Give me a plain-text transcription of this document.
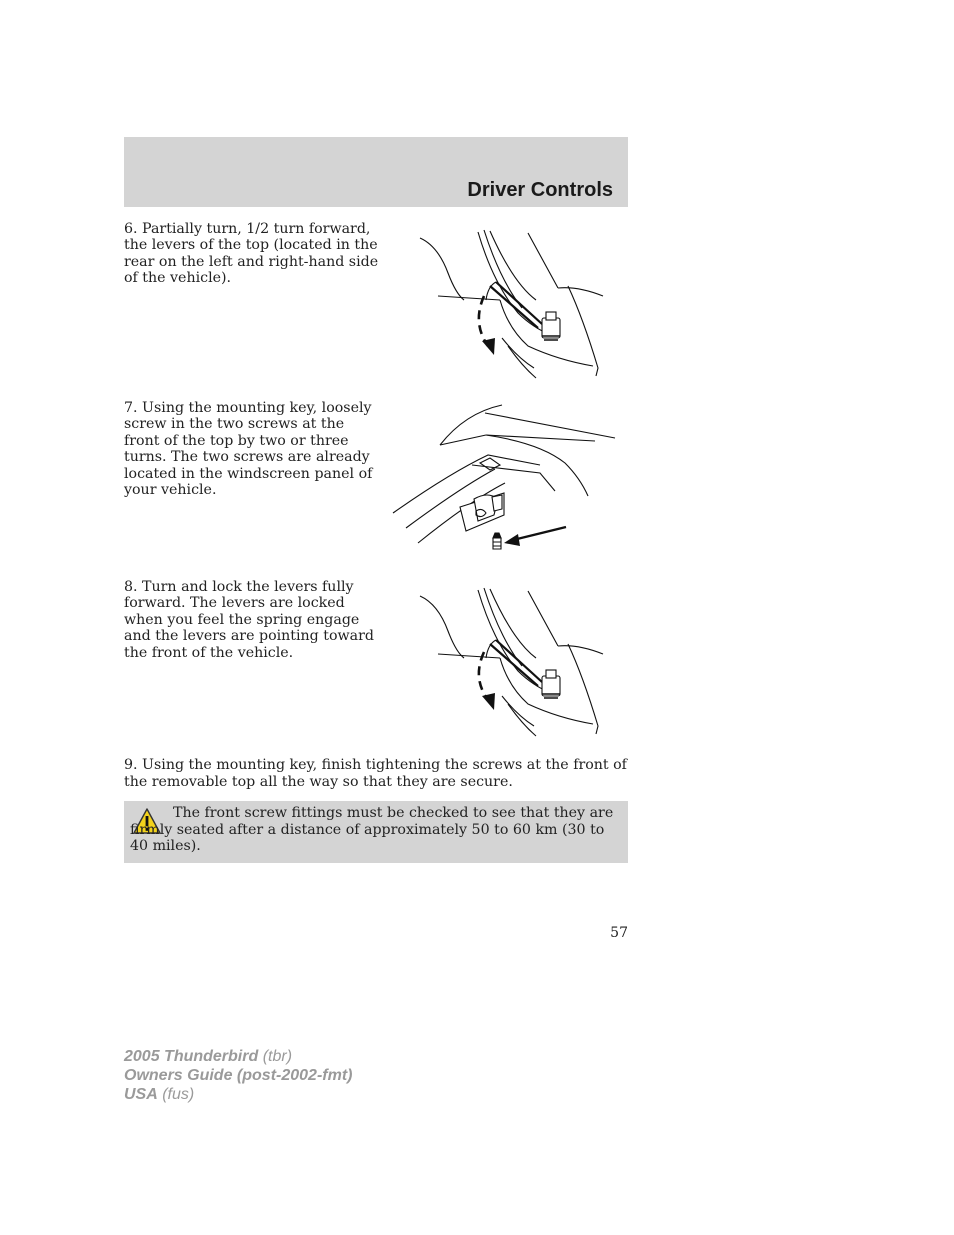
Driver Controls
6. Partially turn, 1/2 turn forward, the levers of the top (located in the rear on the left and right-hand side of the vehicle).
7. Using the mounting key, loosely screw in the two screws at the front of the top by two or three turns. The two screws are already located in the windscreen panel of your vehicle.
8. Turn and lock the levers fully forward. The levers are locked when you feel the spring engage and the levers are pointing toward the front of the vehicle.
9. Using the mounting key, finish tightening the screws at the front of the removable top all the way so that they are secure.
The front screw fittings must be checked to see that they are firmly seated after a distance of approximately 50 to 60 km (30 to 40 miles).
57
2005 Thunderbird (tbr)
Owners Guide (post-2002-fmt)
USA (fus)
